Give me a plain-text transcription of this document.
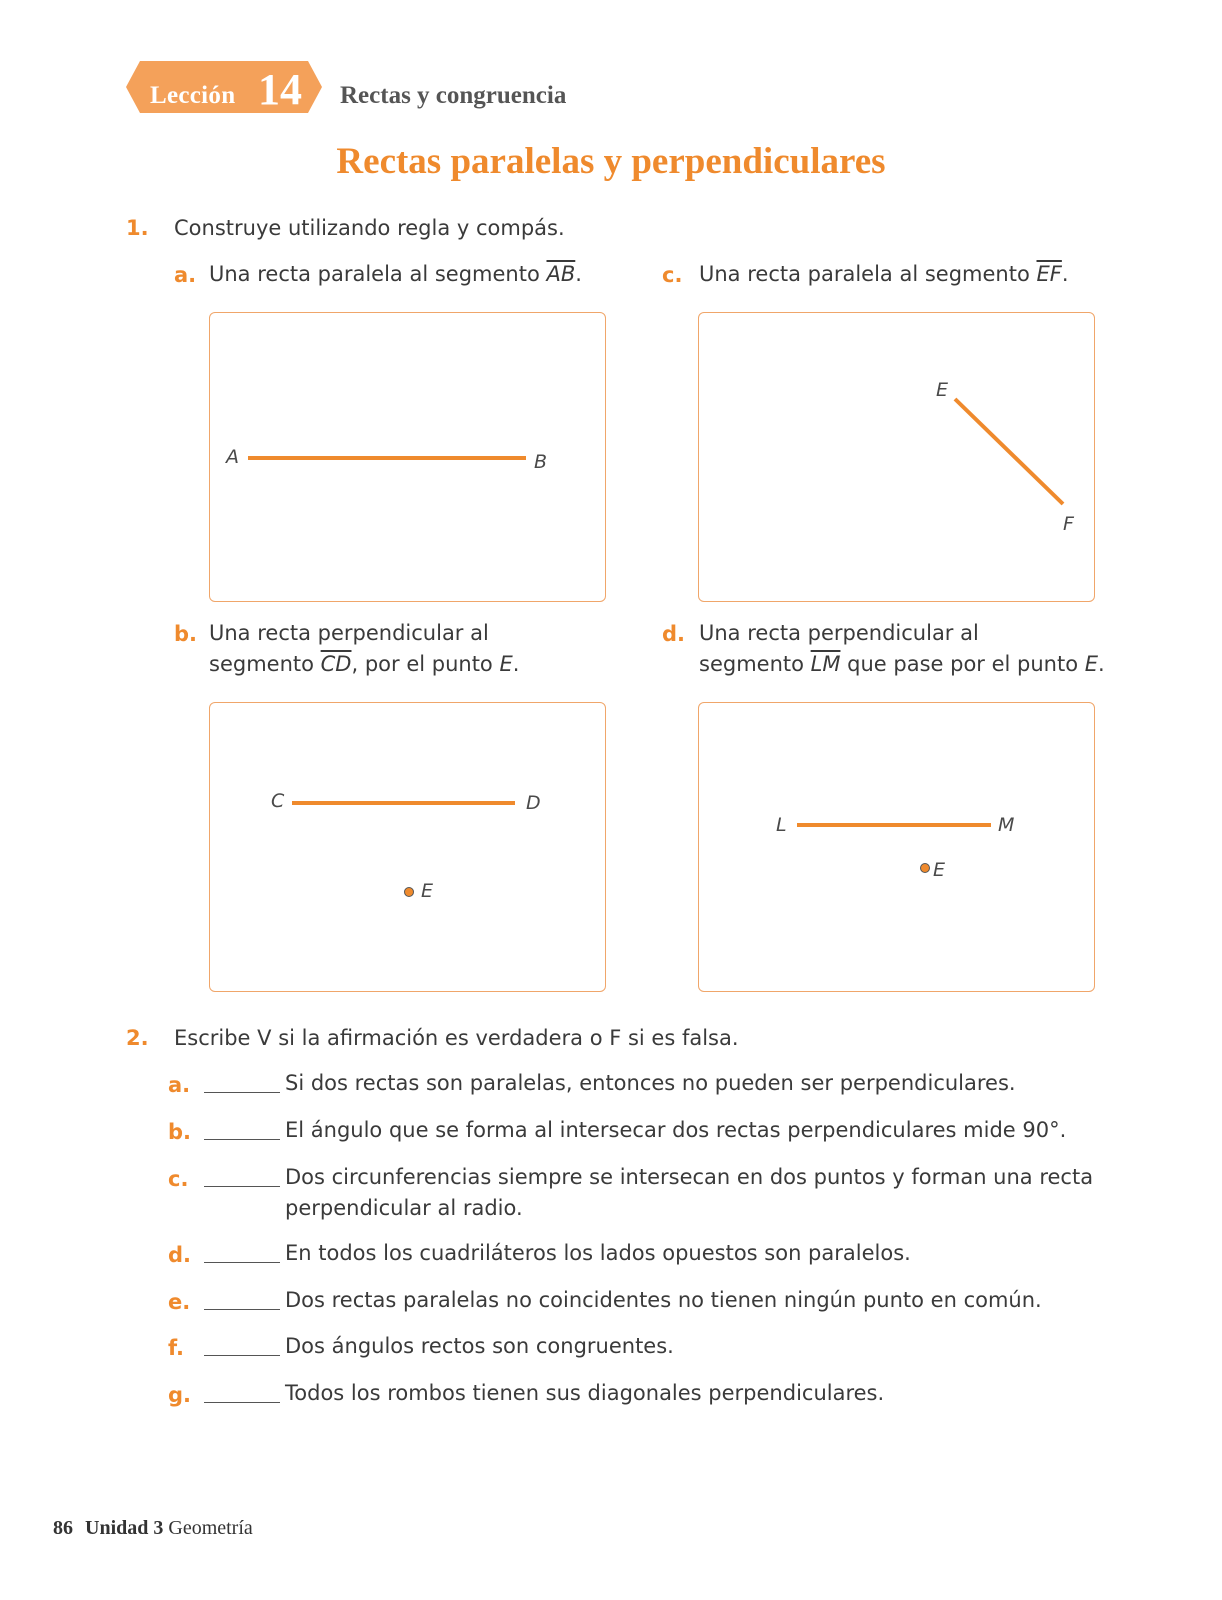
Lección 14 Rectas y congruencia
Rectas paralelas y perpendiculares
1. Construye utilizando regla y compás.
a. Una recta paralela al segmento $\overline{AB}$.	c. Una recta paralela al segmento $\overline{EF}$.
A	B
E
F
b. Una recta perpendicular al
segmento $\overline{CD}$, por el punto E.
d. Una recta perpendicular al
segmento $\overline{LM}$ que pase por el punto E.
C	D
E
L	M
E
2. Escribe V si la afirmación es verdadera o F si es falsa.
a.	Si dos rectas son paralelas, entonces no pueden ser perpendiculares.
b.	El ángulo que se forma al intersecar dos rectas perpendiculares mide 90°.
c.	Dos circunferencias siempre se intersecan en dos puntos y forman una recta
perpendicular al radio.
d.	En todos los cuadriláteros los lados opuestos son paralelos.
e.	Dos rectas paralelas no coincidentes no tienen ningún punto en común.
f.	Dos ángulos rectos son congruentes.
g.	Todos los rombos tienen sus diagonales perpendiculares.
86 Unidad 3 Geometría
